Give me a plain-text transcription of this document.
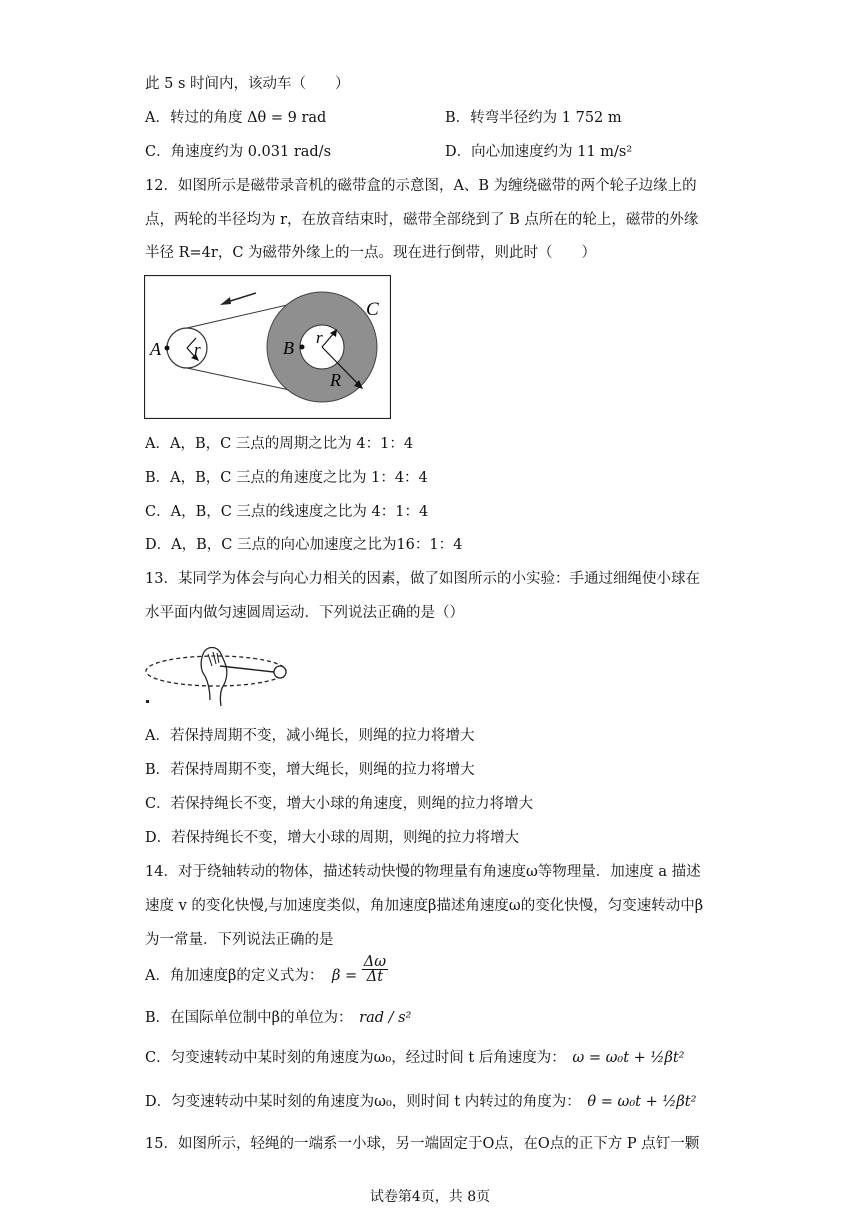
此 5 s 时间内，该动车（　　）
A．转过的角度 Δθ = 9 rad	B．转弯半径约为 1 752 m
C．角速度约为 0.031 rad/s	D．向心加速度约为 11 m/s²
12．如图所示是磁带录音机的磁带盒的示意图，A、B 为缠绕磁带的两个轮子边缘上的
点，两轮的半径均为 r，在放音结束时，磁带全部绕到了 B 点所在的轮上，磁带的外缘
半径 R=4r，C 为磁带外缘上的一点。现在进行倒带，则此时（　　）
A	B
C
r
r
R
A．A，B，C 三点的周期之比为 4：1：4
B．A，B，C 三点的角速度之比为 1：4：4
C．A，B，C 三点的线速度之比为 4：1：4
D．A，B，C 三点的向心加速度之比为16：1：4
13．某同学为体会与向心力相关的因素，做了如图所示的小实验：手通过细绳使小球在
水平面内做匀速圆周运动．下列说法正确的是（）
A．若保持周期不变，减小绳长，则绳的拉力将增大
B．若保持周期不变，增大绳长，则绳的拉力将增大
C．若保持绳长不变，增大小球的角速度，则绳的拉力将增大
D．若保持绳长不变，增大小球的周期，则绳的拉力将增大
14．对于绕轴转动的物体，描述转动快慢的物理量有角速度ω等物理量．加速度 a 描述
速度 v 的变化快慢,与加速度类似，角加速度β描述角速度ω的变化快慢，匀变速转动中β
为一常量．下列说法正确的是
A．角加速度β的定义式为： $\beta = \frac{\Delta\omega}{\Delta t}$
B．在国际单位制中β的单位为： rad / s²
C．匀变速转动中某时刻的角速度为ω₀，经过时间 t 后角速度为： ω = ω₀t + ½βt²
D．匀变速转动中某时刻的角速度为ω₀，则时间 t 内转过的角度为： θ = ω₀t + ½βt²
15．如图所示，轻绳的一端系一小球，另一端固定于O点，在O点的正下方 P 点钉一颗
试卷第4页，共 8页
